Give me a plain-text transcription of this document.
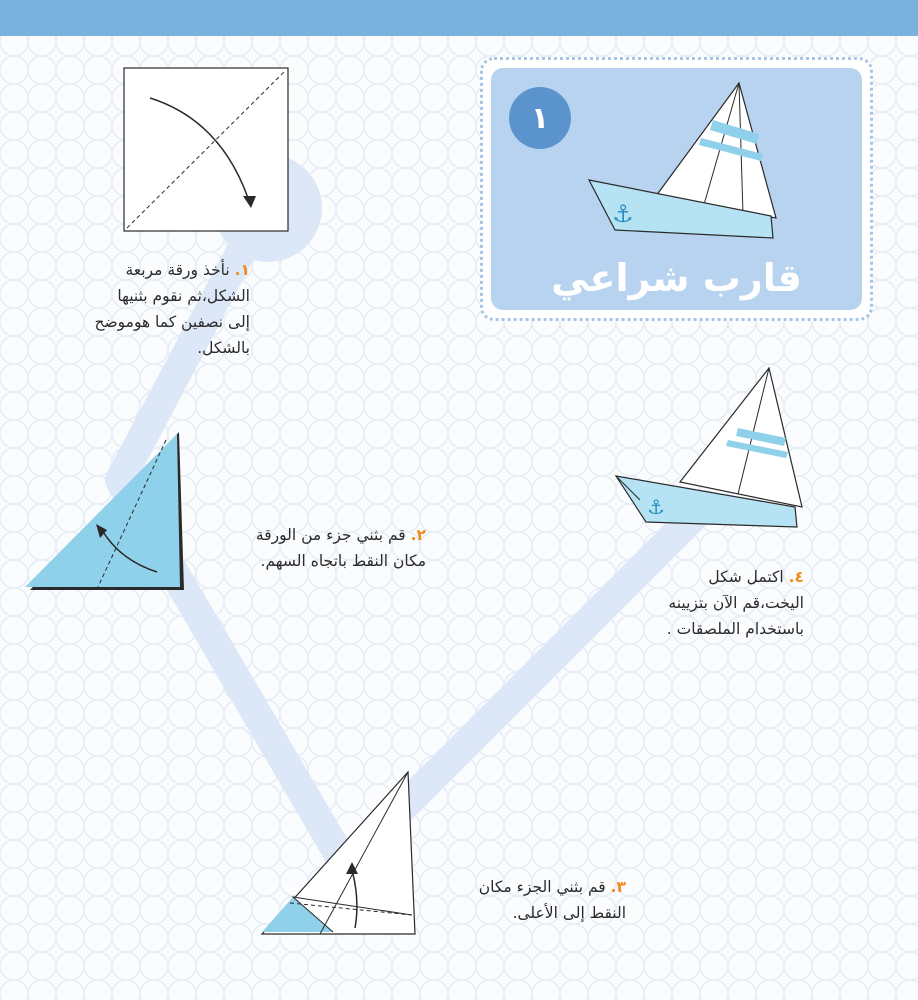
⚓
١
⚓
قارب شراعي
١. نأخذ ورقة مربعة
الشكل،ثم نقوم بثنيها
إلى نصفين كما هوموضح
بالشكل.
٢. قم بثني جزء من الورقة
مكان النقط باتجاه السهم.
٣. قم بثني الجزء مكان
النقط إلى الأعلى.
٤. اكتمل شكل
اليخت،قم الآن بتزيينه
باستخدام الملصقات .
